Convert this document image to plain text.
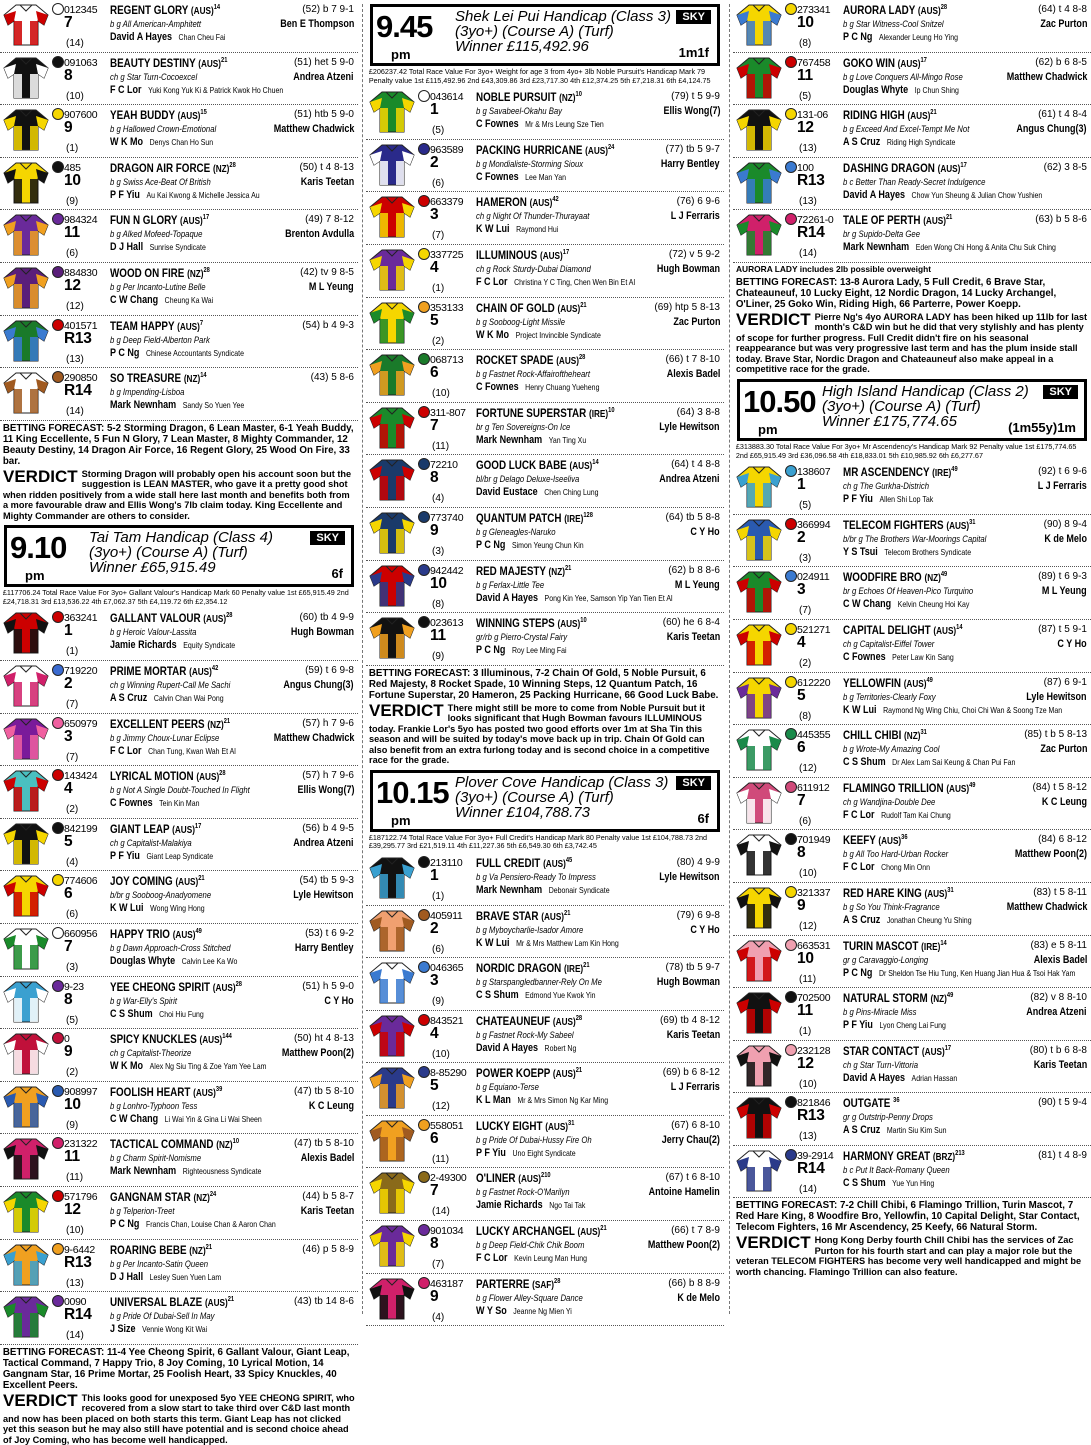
012345
7
(14)
REGENT GLORY (AUS)$^{14}$	(52) b 7 9-1
b g All American-Amphitett	Ben E Thompson
David A Hayes Chan Cheu Fai
091063
8
(10)
BEAUTY DESTINY (AUS)$^{21}$	(51) het 5 9-0
ch g Star Turn-Cocoexcel	Andrea Atzeni
F C Lor Yuki Kong Yuk Ki & Patrick Kwok Ho Chuen
907600
9
(1)
YEAH BUDDY (AUS)$^{15}$	(51) htb 5 9-0
b g Hallowed Crown-Emotional	Matthew Chadwick
W K Mo Denys Chan Ho Sun
485
10
(9)
DRAGON AIR FORCE (NZ)$^{28}$	(50) t 4 8-13
b g Swiss Ace-Beat Of British	Karis Teetan
P F Yiu Au Kai Kwong & Michelle Jessica Au
984324
11
(6)
FUN N GLORY (AUS)$^{17}$	(49) 7 8-12
b g Alked Mofeed-Topaque	Brenton Avdulla
D J Hall Sunrise Syndicate
884830
12
(12)
WOOD ON FIRE (NZ)$^{28}$	(42) tv 9 8-5
b g Per Incanto-Lutine Belle	M L Yeung
C W Chang Cheung Ka Wai
401571
R13
(13)
TEAM HAPPY (AUS)$^7$	(54) b 4 9-3
b g Deep Field-Alberton Park
P C Ng Chinese Accountants Syndicate
290850
R14
(14)
SO TREASURE (NZ)$^{14}$	(43) 5 8-6
b g Impending-Lisboa
Mark Newnham Sandy So Yuen Yee
BETTING FORECAST: 5-2 Storming Dragon, 6 Lean Master, 6-1 Yeah Buddy, 11 King Eccellente, 5 Fun N Glory, 7 Lean Master, 8 Mighty Commander, 12 Beauty Destiny, 14 Dragon Air Force, 16 Regent Glory, 25 Wood On Fire, 33 bar.
VERDICT Storming Dragon will probably open his account soon but the suggestion is LEAN MASTER, who gave it a pretty good shot when ridden positively from a wide stall here last month and benefits both from a more favourable draw and Ellis Wong's 7lb claim today. King Eccellente and Mighty Commander are others to consider.
9.10
pm
Tai Tam Handicap (Class 4)
(3yo+) (Course A) (Turf)
Winner £65,915.49
SKY
6f
£117706.24 Total Race Value For 3yo+ Gallant Valour's Handicap Mark 60 Penalty value 1st £65,915.49 2nd £24,718.31 3rd £13,536.22 4th £7,062.37 5th £4,119.72 6th £2,354.12
363241
1
(1)
GALLANT VALOUR (AUS)$^{28}$	(60) tb 4 9-9
b g Heroic Valour-Lassita	Hugh Bowman
Jamie Richards Equity Syndicate
719220
2
(7)
PRIME MORTAR (AUS)$^{42}$	(59) t 6 9-8
ch g Winning Rupert-Call Me Sachi	Angus Chung(3)
A S Cruz Calvin Chan Wai Pong
650979
3
(7)
EXCELLENT PEERS (NZ)$^{21}$	(57) h 7 9-6
b g Jimmy Choux-Lunar Eclipse	Matthew Chadwick
F C Lor Chan Tung, Kwan Wah Et Al
143424
4
(2)
LYRICAL MOTION (AUS)$^{28}$	(57) h 7 9-6
b g Not A Single Doubt-Touched In Flight	Ellis Wong(7)
C Fownes Tein Kin Man
842199
5
(4)
GIANT LEAP (AUS)$^{17}$	(56) b 4 9-5
ch g Capitalist-Malakiya	Andrea Atzeni
P F Yiu Giant Leap Syndicate
774606
6
(6)
JOY COMING (AUS)$^{21}$	(54) tb 5 9-3
b/br g Sooboog-Anadyomene	Lyle Hewitson
K W Lui Wong Wing Hong
660956
7
(3)
HAPPY TRIO (AUS)$^{49}$	(53) t 6 9-2
b g Dawn Approach-Cross Stitched	Harry Bentley
Douglas Whyte Calvin Lee Ka Wo
9-23
8
(5)
YEE CHEONG SPIRIT (AUS)$^{28}$	(51) h 5 9-0
b g War-Elly's Spirit	C Y Ho
C S Shum Choi Hiu Fung
0
9
(2)
SPICY KNUCKLES (AUS)$^{144}$	(50) ht 4 8-13
ch g Capitalist-Theorize	Matthew Poon(2)
W K Mo Alex Ng Siu Ting & Zoe Yam Yee Lam
908997
10
(9)
FOOLISH HEART (AUS)$^{39}$	(47) tb 5 8-10
b g Lonhro-Typhoon Tess	K C Leung
C W Chang Li Wai Yin & Gina Li Wai Sheen
231322
11
(11)
TACTICAL COMMAND (NZ)$^{10}$	(47) tb 5 8-10
b g Charm Spirit-Nomisme	Alexis Badel
Mark Newnham Righteousness Syndicate
571796
12
(10)
GANGNAM STAR (NZ)$^{24}$	(44) b 5 8-7
b g Telperion-Treet	Karis Teetan
P C Ng Francis Chan, Louise Chan & Aaron Chan
9-6442
R13
(13)
ROARING BEBE (NZ)$^{21}$	(46) p 5 8-9
b g Per Incanto-Satin Queen
D J Hall Lesley Suen Yuen Lam
0090
R14
(14)
UNIVERSAL BLAZE (AUS)$^{21}$	(43) tb 14 8-6
b g Pride Of Dubai-Sell In May
J Size Vennie Wong Kit Wai
BETTING FORECAST: 11-4 Yee Cheong Spirit, 6 Gallant Valour, Giant Leap, Tactical Command, 7 Happy Trio, 8 Joy Coming, 10 Lyrical Motion, 14 Gangnam Star, 16 Prime Mortar, 25 Foolish Heart, 33 Spicy Knuckles, 40 Excellent Peers.
VERDICT This looks good for unexposed 5yo YEE CHEONG SPIRIT, who recovered from a slow start to take third over C&D last month and now has been placed on both starts this term. Giant Leap has not clicked yet this season but he may also still have potential and is second choice ahead of Joy Coming, who has become well handicapped.
9.45
pm
Shek Lei Pui Handicap (Class 3)
(3yo+) (Course A) (Turf)
Winner £115,492.96
SKY
1m1f
£206237.42 Total Race Value For 3yo+ Weight for age 3 from 4yo+ 3lb Noble Pursuit's Handicap Mark 79 Penalty value 1st £115,492.96 2nd £43,309.86 3rd £23,717.30 4th £12,374.25 5th £7,218.31 6th £4,124.75
043614
1
(5)
NOBLE PURSUIT (NZ)$^{10}$	(79) t 5 9-9
b g Savabeel-Okahu Bay	Ellis Wong(7)
C Fownes Mr & Mrs Leung Sze Tien
963589
2
(6)
PACKING HURRICANE (AUS)$^{24}$	(77) tb 5 9-7
b g Mondialiste-Storming Sioux	Harry Bentley
C Fownes Lee Man Yan
663379
3
(7)
HAMERON (AUS)$^{42}$	(76) 6 9-6
ch g Night Of Thunder-Thurayaat	L J Ferraris
K W Lui Raymond Hui
337725
4
(1)
ILLUMINOUS (AUS)$^{17}$	(72) v 5 9-2
ch g Rock Sturdy-Dubai Diamond	Hugh Bowman
F C Lor Christina Y C Ting, Chen Wen Bin Et Al
353133
5
(2)
CHAIN OF GOLD (AUS)$^{21}$	(69) htp 5 8-13
b g Sooboog-Light Missile	Zac Purton
W K Mo Project Invincible Syndicate
068713
6
(10)
ROCKET SPADE (AUS)$^{28}$	(66) t 7 8-10
b g Fastnet Rock-Affairoftheheart	Alexis Badel
C Fownes Henry Chuang Yueheng
311-807
7
(11)
FORTUNE SUPERSTAR (IRE)$^{10}$	(64) 3 8-8
br g Ten Sovereigns-On Ice	Lyle Hewitson
Mark Newnham Yan Ting Xu
72210
8
(4)
GOOD LUCK BABE (AUS)$^{14}$	(64) t 4 8-8
bl/br g Delago Deluxe-Iseeliva	Andrea Atzeni
David Eustace Chen Ching Lung
773740
9
(3)
QUANTUM PATCH (IRE)$^{128}$	(64) tb 5 8-8
b g Gleneagles-Naruko	C Y Ho
P C Ng Simon Yeung Chun Kin
942442
10
(8)
RED MAJESTY (NZ)$^{21}$	(62) b 8 8-6
b g Ferlax-Little Tee	M L Yeung
David A Hayes Pong Kin Yee, Samson Yip Yan Tien Et Al
023613
11
(9)
WINNING STEPS (AUS)$^{10}$	(60) he 6 8-4
gr/rb g Pierro-Crystal Fairy	Karis Teetan
P C Ng Roy Lee Ming Fai
BETTING FORECAST: 3 Illuminous, 7-2 Chain Of Gold, 5 Noble Pursuit, 6 Red Majesty, 8 Rocket Spade, 10 Winning Steps, 12 Quantum Patch, 16 Fortune Superstar, 20 Hameron, 25 Packing Hurricane, 66 Good Luck Babe.
VERDICT There might still be more to come from Noble Pursuit but it looks significant that Hugh Bowman favours ILLUMINOUS today. Frankie Lor's 5yo has posted two good efforts over 1m at Sha Tin this season and will be suited by today's move back up in trip. Chain Of Gold can also benefit from an extra furlong today and is second choice in a competitive race for the grade.
10.15
pm
Plover Cove Handicap (Class 3)
(3yo+) (Course A) (Turf)
Winner £104,788.73
SKY
6f
£187122.74 Total Race Value For 3yo+ Full Credit's Handicap Mark 80 Penalty value 1st £104,788.73 2nd £39,295.77 3rd £21,519.11 4th £11,227.36 5th £6,549.30 6th £3,742.45
213110
1
(1)
FULL CREDIT (AUS)$^{45}$	(80) 4 9-9
b g Va Pensiero-Ready To Impress	Lyle Hewitson
Mark Newnham Debonair Syndicate
405911
2
(6)
BRAVE STAR (AUS)$^{21}$	(79) 6 9-8
b g Myboycharlie-Isador Amore	C Y Ho
K W Lui Mr & Mrs Matthew Lam Kin Hong
046365
3
(9)
NORDIC DRAGON (IRE)$^{21}$	(78) tb 5 9-7
b g Starspangledbanner-Rely On Me	Hugh Bowman
C S Shum Edmond Yue Kwok Yin
843521
4
(10)
CHATEAUNEUF (AUS)$^{28}$	(69) tb 4 8-12
b g Fastnet Rock-My Sabeel	Karis Teetan
David A Hayes Robert Ng
8-85290
5
(12)
POWER KOEPP (AUS)$^{21}$	(69) b 6 8-12
b g Equiano-Terse	L J Ferraris
K L Man Mr & Mrs Simon Ng Kar Ming
558051
6
(11)
LUCKY EIGHT (AUS)$^{31}$	(67) 6 8-10
b g Pride Of Dubai-Hussy Fire Oh	Jerry Chau(2)
P F Yiu Uno Eight Syndicate
2-49300
7
(14)
O'LINER (AUS)$^{210}$	(67) t 6 8-10
b g Fastnet Rock-O'Marilyn	Antoine Hamelin
Jamie Richards Ngo Tai Tak
901034
8
(7)
LUCKY ARCHANGEL (AUS)$^{21}$	(66) t 7 8-9
b g Deep Field-Chik Chik Boom	Matthew Poon(2)
F C Lor Kevin Leung Man Hung
463187
9
(4)
PARTERRE (SAF)$^{28}$	(66) b 8 8-9
b g Flower Alley-Square Dance	K de Melo
W Y So Jeanne Ng Mien Yi
273341
10
(8)
AURORA LADY (AUS)$^{28}$	(64) t 4 8-8
b g Star Witness-Cool Snitzel	Zac Purton
P C Ng Alexander Leung Ho Ying
767458
11
(5)
GOKO WIN (AUS)$^{17}$	(62) b 6 8-5
b g Love Conquers All-Mingo Rose	Matthew Chadwick
Douglas Whyte Ip Chun Shing
131-06
12
(13)
RIDING HIGH (AUS)$^{21}$	(61) t 4 8-4
b g Exceed And Excel-Tempt Me Not	Angus Chung(3)
A S Cruz Riding High Syndicate
100
R13
(13)
DASHING DRAGON (AUS)$^{17}$	(62) 3 8-5
b c Better Than Ready-Secret Indulgence
David A Hayes Chow Yun Sheung & Julian Chow Yushien
72261-0
R14
(14)
TALE OF PERTH (AUS)$^{21}$	(63) b 5 8-6
br g Supido-Delta Gee
Mark Newnham Eden Wong Chi Hong & Anita Chu Suk Ching
AURORA LADY includes 2lb possible overweight
BETTING FORECAST: 13-8 Aurora Lady, 5 Full Credit, 6 Brave Star, Chateauneuf, 10 Lucky Eight, 12 Nordic Dragon, 14 Lucky Archangel, O'Liner, 25 Goko Win, Riding High, 66 Parterre, Power Koepp.
VERDICT Pierre Ng's 4yo AURORA LADY has been hiked up 11lb for last month's C&D win but he did that very stylishly and has plenty of scope for further progress. Full Credit didn't fire on his seasonal reappearance but was very progressive last term and has the plum inside stall today. Brave Star, Nordic Dragon and Chateauneuf also make appeal in a competitive race for the grade.
10.50
pm
High Island Handicap (Class 2)
(3yo+) (Course A) (Turf)
Winner £175,774.65
SKY
(1m55y)1m
£313883.30 Total Race Value For 3yo+ Mr Ascendency's Handicap Mark 92 Penalty value 1st £175,774.65 2nd £65,915.49 3rd £36,096.58 4th £18,833.01 5th £10,985.92 6th £6,277.67
138607
1
(5)
MR ASCENDENCY (IRE)$^{49}$	(92) t 6 9-6
ch g The Gurkha-Districh	L J Ferraris
P F Yiu Allen Shi Lop Tak
366994
2
(3)
TELECOM FIGHTERS (AUS)$^{31}$	(90) 8 9-4
b/br g The Brothers War-Moorings Capital	K de Melo
Y S Tsui Telecom Brothers Syndicate
024911
3
(7)
WOODFIRE BRO (NZ)$^{49}$	(89) t 6 9-3
br g Echoes Of Heaven-Pico Turquino	M L Yeung
C W Chang Kelvin Cheung Hoi Kay
521271
4
(2)
CAPITAL DELIGHT (AUS)$^{14}$	(87) t 5 9-1
ch g Capitalist-Eiffel Tower	C Y Ho
C Fownes Peter Law Kin Sang
612220
5
(8)
YELLOWFIN (AUS)$^{49}$	(87) 6 9-1
b g Territories-Clearly Foxy	Lyle Hewitson
K W Lui Raymond Ng Wing Chiu, Choi Chi Wan & Soong Tze Man
445355
6
(12)
CHILL CHIBI (NZ)$^{31}$	(85) t b 5 8-13
b g Wrote-My Amazing Cool	Zac Purton
C S Shum Dr Alex Lam Sai Keung & Chan Pui Fan
611912
7
(6)
FLAMINGO TRILLION (AUS)$^{49}$	(84) t 5 8-12
ch g Wandjina-Double Dee	K C Leung
F C Lor Rudolf Tam Kai Chung
701949
8
(10)
KEEFY (AUS)$^{36}$	(84) 6 8-12
b g All Too Hard-Urban Rocker	Matthew Poon(2)
F C Lor Chong Min Onn
321337
9
(12)
RED HARE KING (AUS)$^{31}$	(83) t 5 8-11
b g So You Think-Fragrance	Matthew Chadwick
A S Cruz Jonathan Cheung Yu Shing
663531
10
(11)
TURIN MASCOT (IRE)$^{14}$	(83) e 5 8-11
gr g Caravaggio-Longing	Alexis Badel
P C Ng Dr Sheldon Tse Hiu Tung, Ken Huang Jian Hua & Tsoi Hak Yam
702500
11
(1)
NATURAL STORM (NZ)$^{49}$	(82) v 8 8-10
b g Pins-Miracle Miss	Andrea Atzeni
P F Yiu Lyon Cheng Lai Fung
232128
12
(10)
STAR CONTACT (AUS)$^{17}$	(80) t b 6 8-8
ch g Star Turn-Vittoria	Karis Teetan
David A Hayes Adrian Hassan
821846
R13
(13)
OUTGATE $^{36}$	(90) t 5 9-4
gr g Outstrip-Penny Drops
A S Cruz Martin Siu Kim Sun
39-2914
R14
(14)
HARMONY GREAT (BRZ)$^{213}$	(81) t 4 8-9
b c Put It Back-Romany Queen
C S Shum Yue Yun Hing
BETTING FORECAST: 7-2 Chill Chibi, 6 Flamingo Trillion, Turin Mascot, 7 Red Hare King, 8 Woodfire Bro, Yellowfin, 10 Capital Delight, Star Contact, Telecom Fighters, 16 Mr Ascendency, 25 Keefy, 66 Natural Storm.
VERDICT Hong Kong Derby fourth Chill Chibi has the services of Zac Purton for his fourth start and can play a major role but the veteran TELECOM FIGHTERS has become very well handicapped and might be worth chancing. Flamingo Trillion can also feature.
